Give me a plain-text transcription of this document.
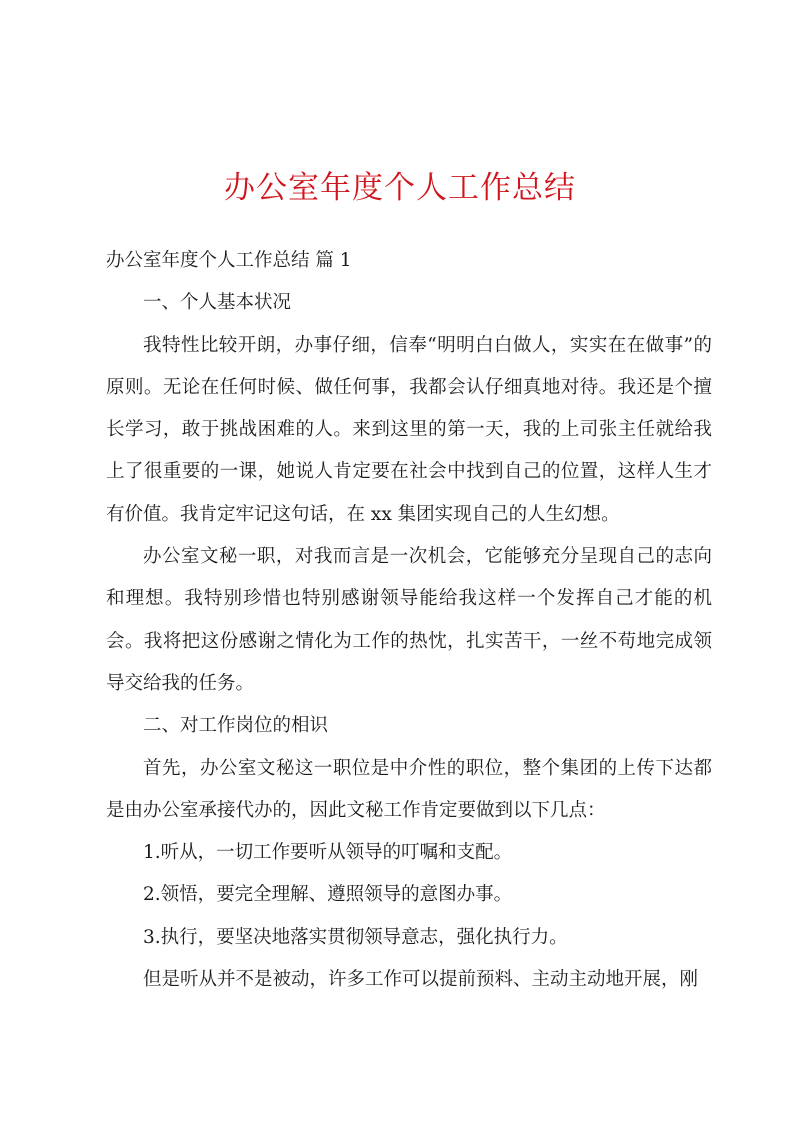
办公室年度个人工作总结

办公室年度个人工作总结 篇 1

一、个人基本状况

我特性比较开朗，办事仔细，信奉“明明白白做人，实实在在做事”的原则。无论在任何时候、做任何事，我都会认仔细真地对待。我还是个擅长学习，敢于挑战困难的人。来到这里的第一天，我的上司张主任就给我上了很重要的一课，她说人肯定要在社会中找到自己的位置，这样人生才有价值。我肯定牢记这句话，在 xx 集团实现自己的人生幻想。

办公室文秘一职，对我而言是一次机会，它能够充分呈现自己的志向和理想。我特别珍惜也特别感谢领导能给我这样一个发挥自己才能的机会。我将把这份感谢之情化为工作的热忱，扎实苦干，一丝不苟地完成领导交给我的任务。

二、对工作岗位的相识

首先，办公室文秘这一职位是中介性的职位，整个集团的上传下达都是由办公室承接代办的，因此文秘工作肯定要做到以下几点：

1.听从，一切工作要听从领导的叮嘱和支配。

2.领悟，要完全理解、遵照领导的意图办事。

3.执行，要坚决地落实贯彻领导意志，强化执行力。

但是听从并不是被动，许多工作可以提前预料、主动主动地开展，刚
